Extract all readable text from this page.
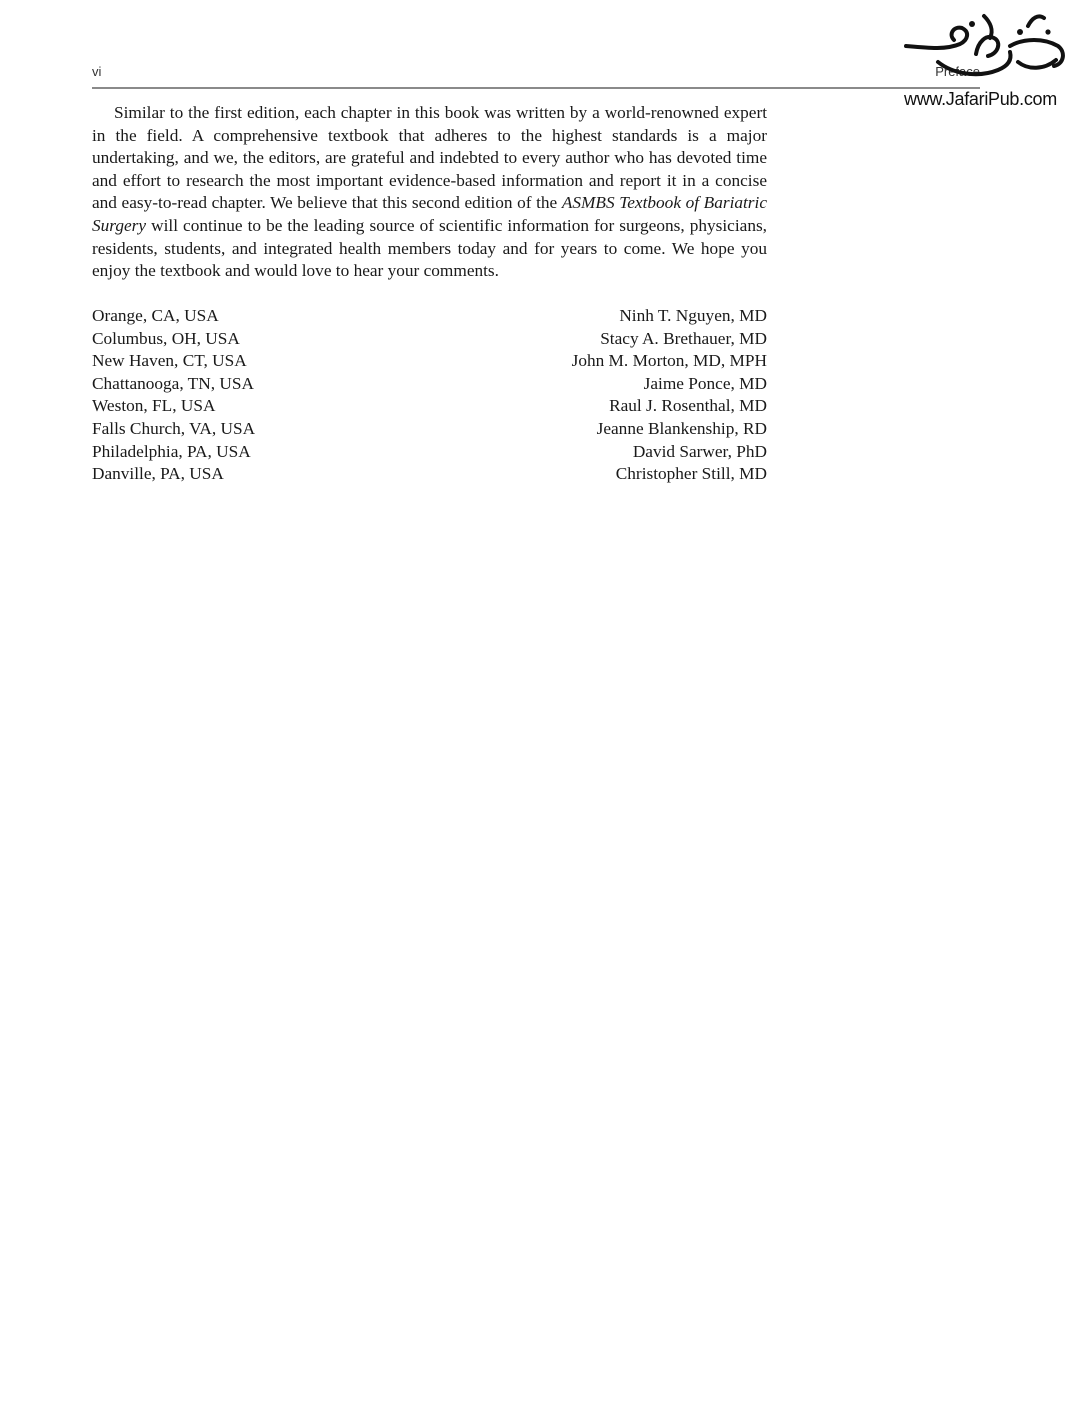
vi	Preface

Similar to the first edition, each chapter in this book was written by a world-renowned expert in the field. A comprehensive textbook that adheres to the highest standards is a major undertaking, and we, the editors, are grateful and indebted to every author who has devoted time and effort to research the most important evidence-based information and report it in a concise and easy-to-read chapter. We believe that this second edition of the ASMBS Textbook of Bariatric Surgery will continue to be the leading source of scientific information for surgeons, physicians, residents, students, and integrated health members today and for years to come. We hope you enjoy the textbook and would love to hear your comments.

Orange, CA, USA	Ninh T. Nguyen, MD
Columbus, OH, USA	Stacy A. Brethauer, MD
New Haven, CT, USA	John M. Morton, MD, MPH
Chattanooga, TN, USA	Jaime Ponce, MD
Weston, FL, USA	Raul J. Rosenthal, MD
Falls Church, VA, USA	Jeanne Blankenship, RD
Philadelphia, PA, USA	David Sarwer, PhD
Danville, PA, USA	Christopher Still, MD
www.JafariPub.com
